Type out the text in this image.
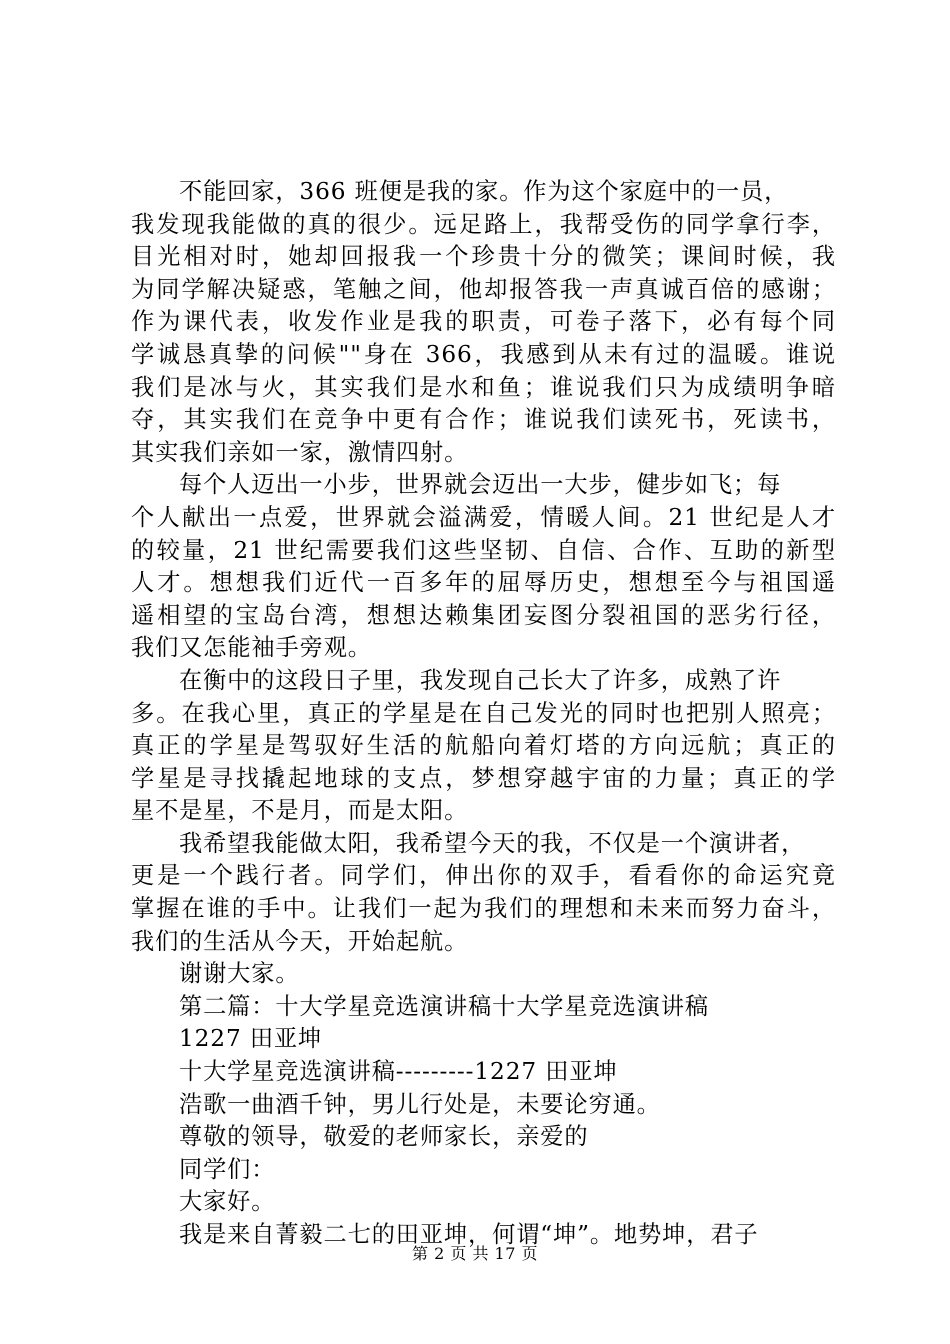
不能回家，366 班便是我的家。作为这个家庭中的一员，
我发现我能做的真的很少。远足路上，我帮受伤的同学拿行李，
目光相对时，她却回报我一个珍贵十分的微笑；课间时候，我
为同学解决疑惑，笔触之间，他却报答我一声真诚百倍的感谢；
作为课代表，收发作业是我的职责，可卷子落下，必有每个同
学诚恳真挚的问候""身在 366，我感到从未有过的温暖。谁说
我们是冰与火，其实我们是水和鱼；谁说我们只为成绩明争暗
夺，其实我们在竞争中更有合作；谁说我们读死书，死读书，
其实我们亲如一家，激情四射。
每个人迈出一小步，世界就会迈出一大步，健步如飞；每
个人献出一点爱，世界就会溢满爱，情暖人间。21 世纪是人才
的较量，21 世纪需要我们这些坚韧、自信、合作、互助的新型
人才。想想我们近代一百多年的屈辱历史，想想至今与祖国遥
遥相望的宝岛台湾，想想达赖集团妄图分裂祖国的恶劣行径，
我们又怎能袖手旁观。
在衡中的这段日子里，我发现自己长大了许多，成熟了许
多。在我心里，真正的学星是在自己发光的同时也把别人照亮；
真正的学星是驾驭好生活的航船向着灯塔的方向远航；真正的
学星是寻找撬起地球的支点，梦想穿越宇宙的力量；真正的学
星不是星，不是月，而是太阳。
我希望我能做太阳，我希望今天的我，不仅是一个演讲者，
更是一个践行者。同学们，伸出你的双手，看看你的命运究竟
掌握在谁的手中。让我们一起为我们的理想和未来而努力奋斗，
我们的生活从今天，开始起航。
谢谢大家。
第二篇：十大学星竞选演讲稿十大学星竞选演讲稿
1227 田亚坤
十大学星竞选演讲稿---------1227 田亚坤
浩歌一曲酒千钟，男儿行处是，未要论穷通。
尊敬的领导，敬爱的老师家长，亲爱的
同学们：
大家好。
我是来自菁毅二七的田亚坤，何谓“坤”。地势坤，君子
第 2 页 共 17 页
